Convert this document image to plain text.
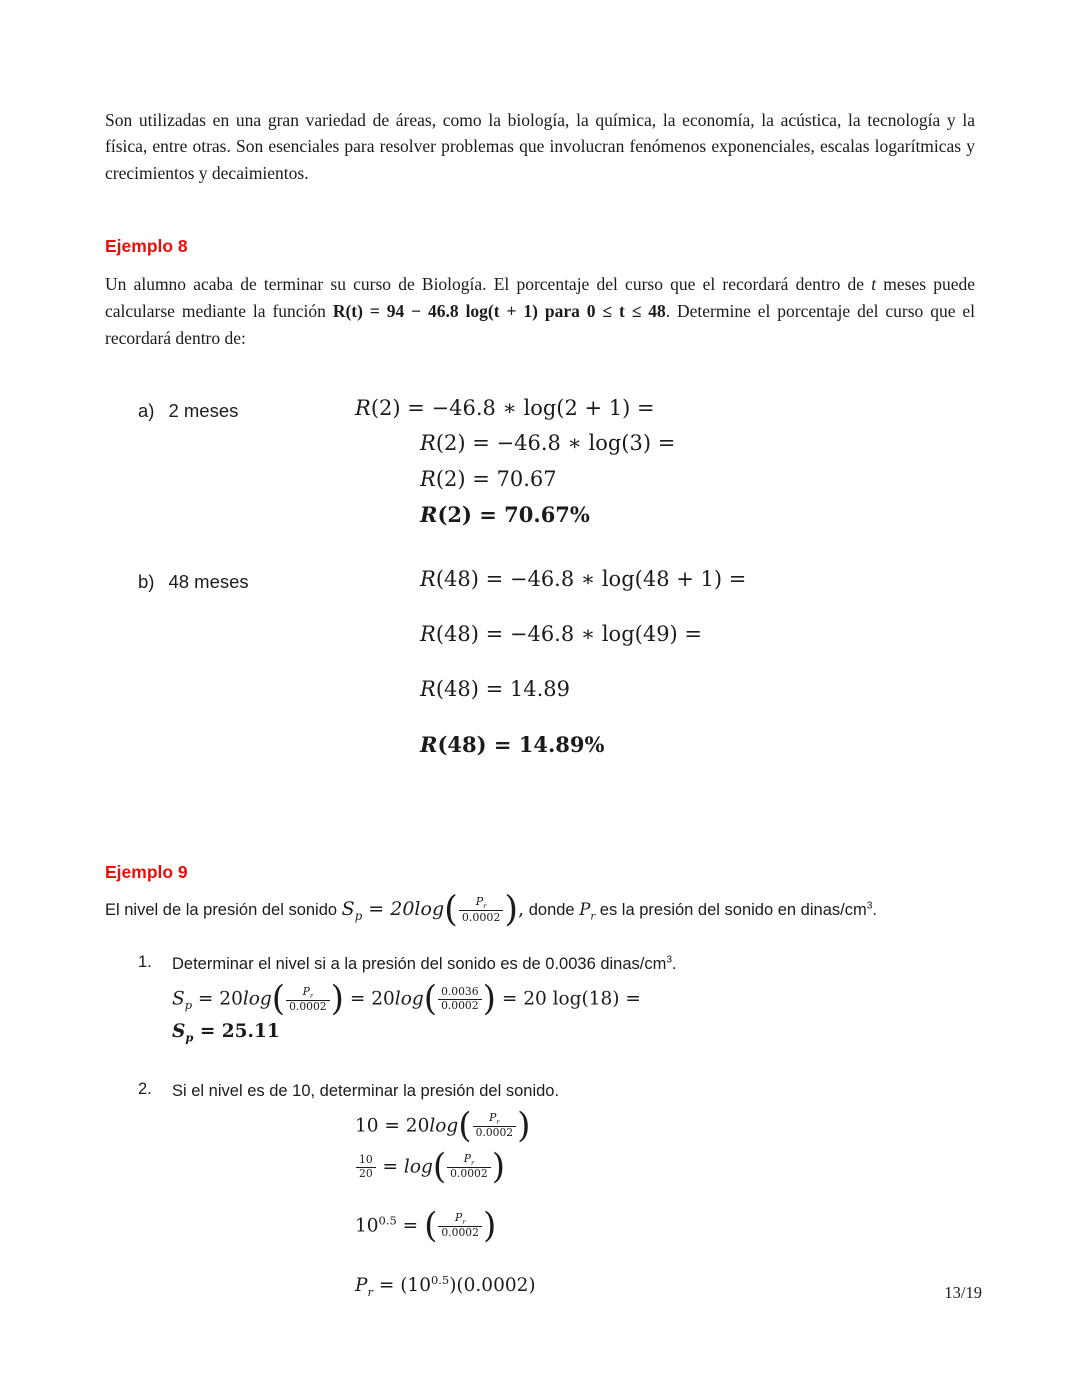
Son utilizadas en una gran variedad de áreas, como la biología, la química, la economía, la acústica, la tecnología y la física, entre otras. Son esenciales para resolver problemas que involucran fenómenos exponenciales, escalas logarítmicas y crecimientos y decaimientos.

Ejemplo 8

Un alumno acaba de terminar su curso de Biología. El porcentaje del curso que el recordará dentro de t meses puede calcularse mediante la función R(t) = 94 − 46.8 log(t + 1) para 0 ≤ t ≤ 48. Determine el porcentaje del curso que el recordará dentro de:

a) 2 meses	R(2) = −46.8 ∗ log(2 + 1) =
R(2) = −46.8 ∗ log(3) =
R(2) = 70.67
R(2) = 70.67%
b) 48 meses	R(48) = −46.8 ∗ log(48 + 1) =
R(48) = −46.8 ∗ log(49) =
R(48) = 14.89
R(48) = 14.89%
Ejemplo 9

El nivel de la presión del sonido $S_p = 20\log( \frac{P_r}{0.0002}$ ), donde $P_r$ es la presión del sonido en dinas/$cm^3$.

1.	Determinar el nivel si a la presión del sonido es de 0.0036 dinas/$cm^3$.

$S_p = 20\log( \frac{P_r}{0.0002}$ ) = $20\log( \frac{0.0036}{0.0002}$ ) = 20 log(18) =
$S_p = 25.11$
2.	Si el nivel es de 10, determinar la presión del sonido.

$10 = 20\log( \frac{P_r}{0.0002}$ )
$\frac{10}{20} = \log( \frac{P_r}{0.0002}$ )
$10^{0.5}$ = ( $\frac{P_r}{0.0002}$ )
$P_r = (10^{0.5})(0.0002)$	13/19
